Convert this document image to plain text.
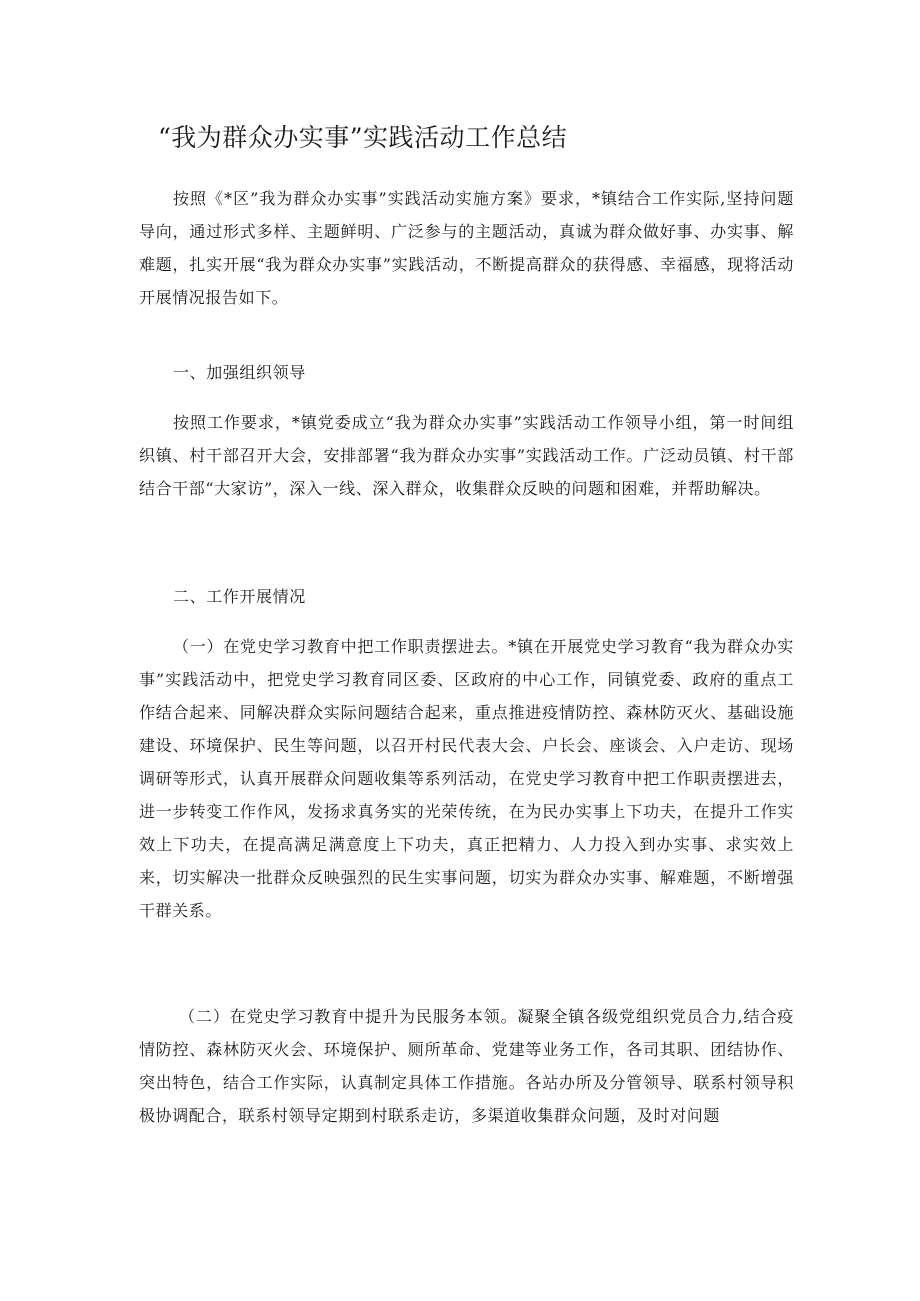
“我为群众办实事”实践活动工作总结

按照《*区”我为群众办实事”实践活动实施方案》要求，*镇结合工作实际,坚持问题导向，通过形式多样、主题鲜明、广泛参与的主题活动，真诚为群众做好事、办实事、解难题，扎实开展“我为群众办实事”实践活动，不断提高群众的获得感、幸福感，现将活动开展情况报告如下。

一、加强组织领导

按照工作要求，*镇党委成立“我为群众办实事”实践活动工作领导小组，第一时间组织镇、村干部召开大会，安排部署“我为群众办实事”实践活动工作。广泛动员镇、村干部结合干部“大家访”，深入一线、深入群众，收集群众反映的问题和困难，并帮助解决。

二、工作开展情况

（一）在党史学习教育中把工作职责摆进去。*镇在开展党史学习教育“我为群众办实事”实践活动中，把党史学习教育同区委、区政府的中心工作，同镇党委、政府的重点工作结合起来、同解决群众实际问题结合起来，重点推进疫情防控、森林防灭火、基础设施建设、环境保护、民生等问题，以召开村民代表大会、户长会、座谈会、入户走访、现场调研等形式，认真开展群众问题收集等系列活动，在党史学习教育中把工作职责摆进去，进一步转变工作作风，发扬求真务实的光荣传统，在为民办实事上下功夫，在提升工作实效上下功夫，在提高满足满意度上下功夫，真正把精力、人力投入到办实事、求实效上来，切实解决一批群众反映强烈的民生实事问题，切实为群众办实事、解难题，不断增强干群关系。

（二）在党史学习教育中提升为民服务本领。凝聚全镇各级党组织党员合力,结合疫情防控、森林防灭火会、环境保护、厕所革命、党建等业务工作，各司其职、团结协作、突出特色，结合工作实际，认真制定具体工作措施。各站办所及分管领导、联系村领导积极协调配合，联系村领导定期到村联系走访，多渠道收集群众问题，及时对问题
